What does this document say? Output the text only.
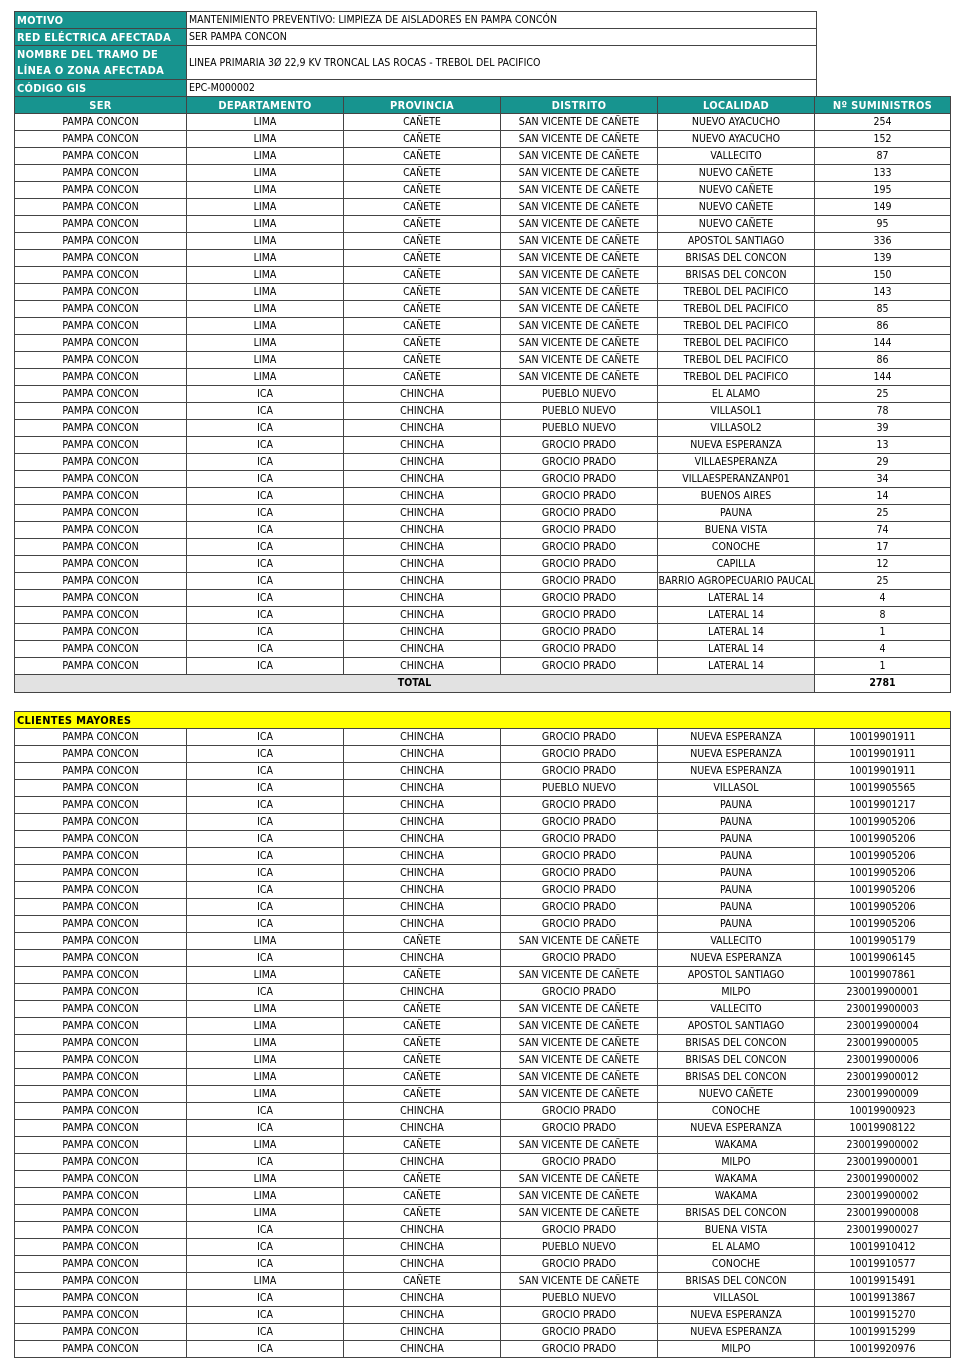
MOTIVO	MANTENIMIENTO PREVENTIVO: LIMPIEZA DE AISLADORES EN PAMPA CONCÓN
RED ELÉCTRICA AFECTADA	SER PAMPA CONCON
NOMBRE DEL TRAMO DE LÍNEA O ZONA AFECTADA	LINEA PRIMARIA 3Ø 22,9 KV TRONCAL LAS ROCAS - TREBOL DEL PACIFICO
CÓDIGO GIS	EPC-M000002
SER	DEPARTAMENTO	PROVINCIA	DISTRITO	LOCALIDAD	Nº SUMINISTROS
PAMPA CONCON	LIMA	CAÑETE	SAN VICENTE DE CAÑETE	NUEVO AYACUCHO	254
PAMPA CONCON	LIMA	CAÑETE	SAN VICENTE DE CAÑETE	NUEVO AYACUCHO	152
PAMPA CONCON	LIMA	CAÑETE	SAN VICENTE DE CAÑETE	VALLECITO	87
PAMPA CONCON	LIMA	CAÑETE	SAN VICENTE DE CAÑETE	NUEVO CAÑETE	133
PAMPA CONCON	LIMA	CAÑETE	SAN VICENTE DE CAÑETE	NUEVO CAÑETE	195
PAMPA CONCON	LIMA	CAÑETE	SAN VICENTE DE CAÑETE	NUEVO CAÑETE	149
PAMPA CONCON	LIMA	CAÑETE	SAN VICENTE DE CAÑETE	NUEVO CAÑETE	95
PAMPA CONCON	LIMA	CAÑETE	SAN VICENTE DE CAÑETE	APOSTOL SANTIAGO	336
PAMPA CONCON	LIMA	CAÑETE	SAN VICENTE DE CAÑETE	BRISAS DEL CONCON	139
PAMPA CONCON	LIMA	CAÑETE	SAN VICENTE DE CAÑETE	BRISAS DEL CONCON	150
PAMPA CONCON	LIMA	CAÑETE	SAN VICENTE DE CAÑETE	TREBOL DEL PACIFICO	143
PAMPA CONCON	LIMA	CAÑETE	SAN VICENTE DE CAÑETE	TREBOL DEL PACIFICO	85
PAMPA CONCON	LIMA	CAÑETE	SAN VICENTE DE CAÑETE	TREBOL DEL PACIFICO	86
PAMPA CONCON	LIMA	CAÑETE	SAN VICENTE DE CAÑETE	TREBOL DEL PACIFICO	144
PAMPA CONCON	LIMA	CAÑETE	SAN VICENTE DE CAÑETE	TREBOL DEL PACIFICO	86
PAMPA CONCON	LIMA	CAÑETE	SAN VICENTE DE CAÑETE	TREBOL DEL PACIFICO	144
PAMPA CONCON	ICA	CHINCHA	PUEBLO NUEVO	EL ALAMO	25
PAMPA CONCON	ICA	CHINCHA	PUEBLO NUEVO	VILLASOL1	78
PAMPA CONCON	ICA	CHINCHA	PUEBLO NUEVO	VILLASOL2	39
PAMPA CONCON	ICA	CHINCHA	GROCIO PRADO	NUEVA ESPERANZA	13
PAMPA CONCON	ICA	CHINCHA	GROCIO PRADO	VILLAESPERANZA	29
PAMPA CONCON	ICA	CHINCHA	GROCIO PRADO	VILLAESPERANZANP01	34
PAMPA CONCON	ICA	CHINCHA	GROCIO PRADO	BUENOS AIRES	14
PAMPA CONCON	ICA	CHINCHA	GROCIO PRADO	PAUNA	25
PAMPA CONCON	ICA	CHINCHA	GROCIO PRADO	BUENA VISTA	74
PAMPA CONCON	ICA	CHINCHA	GROCIO PRADO	CONOCHE	17
PAMPA CONCON	ICA	CHINCHA	GROCIO PRADO	CAPILLA	12
PAMPA CONCON	ICA	CHINCHA	GROCIO PRADO	BARRIO AGROPECUARIO PAUCAL	25
PAMPA CONCON	ICA	CHINCHA	GROCIO PRADO	LATERAL 14	4
PAMPA CONCON	ICA	CHINCHA	GROCIO PRADO	LATERAL 14	8
PAMPA CONCON	ICA	CHINCHA	GROCIO PRADO	LATERAL 14	1
PAMPA CONCON	ICA	CHINCHA	GROCIO PRADO	LATERAL 14	4
PAMPA CONCON	ICA	CHINCHA	GROCIO PRADO	LATERAL 14	1
TOTAL					2781
CLIENTES MAYORES					
PAMPA CONCON	ICA	CHINCHA	GROCIO PRADO	NUEVA ESPERANZA	10019901911
PAMPA CONCON	ICA	CHINCHA	GROCIO PRADO	NUEVA ESPERANZA	10019901911
PAMPA CONCON	ICA	CHINCHA	GROCIO PRADO	NUEVA ESPERANZA	10019901911
PAMPA CONCON	ICA	CHINCHA	PUEBLO NUEVO	VILLASOL	10019905565
PAMPA CONCON	ICA	CHINCHA	GROCIO PRADO	PAUNA	10019901217
PAMPA CONCON	ICA	CHINCHA	GROCIO PRADO	PAUNA	10019905206
PAMPA CONCON	ICA	CHINCHA	GROCIO PRADO	PAUNA	10019905206
PAMPA CONCON	ICA	CHINCHA	GROCIO PRADO	PAUNA	10019905206
PAMPA CONCON	ICA	CHINCHA	GROCIO PRADO	PAUNA	10019905206
PAMPA CONCON	ICA	CHINCHA	GROCIO PRADO	PAUNA	10019905206
PAMPA CONCON	ICA	CHINCHA	GROCIO PRADO	PAUNA	10019905206
PAMPA CONCON	ICA	CHINCHA	GROCIO PRADO	PAUNA	10019905206
PAMPA CONCON	LIMA	CAÑETE	SAN VICENTE DE CAÑETE	VALLECITO	10019905179
PAMPA CONCON	ICA	CHINCHA	GROCIO PRADO	NUEVA ESPERANZA	10019906145
PAMPA CONCON	LIMA	CAÑETE	SAN VICENTE DE CAÑETE	APOSTOL SANTIAGO	10019907861
PAMPA CONCON	ICA	CHINCHA	GROCIO PRADO	MILPO	230019900001
PAMPA CONCON	LIMA	CAÑETE	SAN VICENTE DE CAÑETE	VALLECITO	230019900003
PAMPA CONCON	LIMA	CAÑETE	SAN VICENTE DE CAÑETE	APOSTOL SANTIAGO	230019900004
PAMPA CONCON	LIMA	CAÑETE	SAN VICENTE DE CAÑETE	BRISAS DEL CONCON	230019900005
PAMPA CONCON	LIMA	CAÑETE	SAN VICENTE DE CAÑETE	BRISAS DEL CONCON	230019900006
PAMPA CONCON	LIMA	CAÑETE	SAN VICENTE DE CAÑETE	BRISAS DEL CONCON	230019900012
PAMPA CONCON	LIMA	CAÑETE	SAN VICENTE DE CAÑETE	NUEVO CAÑETE	230019900009
PAMPA CONCON	ICA	CHINCHA	GROCIO PRADO	CONOCHE	10019900923
PAMPA CONCON	ICA	CHINCHA	GROCIO PRADO	NUEVA ESPERANZA	10019908122
PAMPA CONCON	LIMA	CAÑETE	SAN VICENTE DE CAÑETE	WAKAMA	230019900002
PAMPA CONCON	ICA	CHINCHA	GROCIO PRADO	MILPO	230019900001
PAMPA CONCON	LIMA	CAÑETE	SAN VICENTE DE CAÑETE	WAKAMA	230019900002
PAMPA CONCON	LIMA	CAÑETE	SAN VICENTE DE CAÑETE	WAKAMA	230019900002
PAMPA CONCON	LIMA	CAÑETE	SAN VICENTE DE CAÑETE	BRISAS DEL CONCON	230019900008
PAMPA CONCON	ICA	CHINCHA	GROCIO PRADO	BUENA VISTA	230019900027
PAMPA CONCON	ICA	CHINCHA	PUEBLO NUEVO	EL ALAMO	10019910412
PAMPA CONCON	ICA	CHINCHA	GROCIO PRADO	CONOCHE	10019910577
PAMPA CONCON	LIMA	CAÑETE	SAN VICENTE DE CAÑETE	BRISAS DEL CONCON	10019915491
PAMPA CONCON	ICA	CHINCHA	PUEBLO NUEVO	VILLASOL	10019913867
PAMPA CONCON	ICA	CHINCHA	GROCIO PRADO	NUEVA ESPERANZA	10019915270
PAMPA CONCON	ICA	CHINCHA	GROCIO PRADO	NUEVA ESPERANZA	10019915299
PAMPA CONCON	ICA	CHINCHA	GROCIO PRADO	MILPO	10019920976
